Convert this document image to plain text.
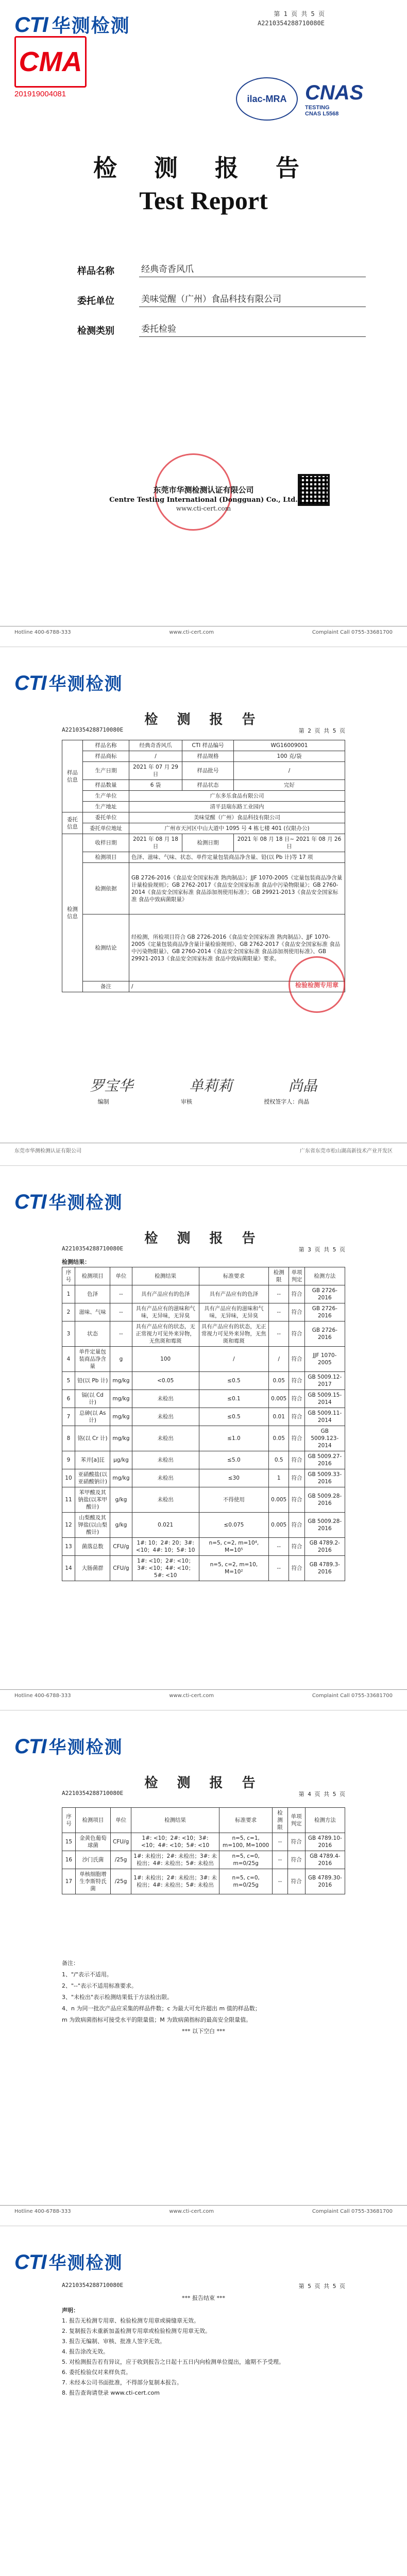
CTI 华测检测
第 1 页 共 5 页
A2210354288710080E
CMA
201919004081	ilac-MRA CNAS
TESTING
CNAS L5568
检 测 报 告
Test Report
样品名称	经典奇香风爪
委托单位	美味觉醒（广州）食品科技有限公司
检测类别	委托检验
东莞市华测检测认证有限公司
Centre Testing International (Dongguan) Co., Ltd.
www.cti-cert.com
Hotline 400-6788-333	www.cti-cert.com	Complaint Call 0755-33681700
CTI 华测检测
检 测 报 告
A2210354288710080E	第 2 页 共 5 页
样品信息	样品名称	经典奇香风爪	CTI 样品编号	WG16009001
	样品商标	/	样品规格	100 克/袋
	生产日期	2021 年 07 月 29 日	样品批号	/
	样品数量	6 袋	样品状态	完好
	生产单位	广东多乐食品有限公司		
	生产地址	清平县瑞东路工业园内		
委托信息	委托单位	美味觉醒（广州）食品科技有限公司		
	委托单位地址	广州市天河区中山大道中 1095 号 4 栋七楼 401 (仅限办公)		
检测信息	收样日期	2021 年 08 月 18 日	检测日期	2021 年 08 月 18 日~ 2021 年 08 月 26 日
	检测项目	色泽、滋味、气味、状态、单件定量包装商品净含量、铅(以 Pb 计)等 17 项		
	检测依据	GB 2726-2016《食品安全国家标准 熟肉制品》；JJF 1070-2005《定量包装商品净含量计量检验规则》；GB 2762-2017《食品安全国家标准 食品中污染物限量》；GB 2760-2014《食品安全国家标准 食品添加剂使用标准》；GB 29921-2013《食品安全国家标准 食品中致病菌限量》		
	检测结论	经检测，所检项目符合 GB 2726-2016《食品安全国家标准 熟肉制品》、JJF 1070-2005《定量包装商品净含量计量检验规则》、GB 2762-2017《食品安全国家标准 食品中污染物限量》、GB 2760-2014《食品安全国家标准 食品添加剂使用标准》、GB 29921-2013《食品安全国家标准 食品中致病菌限量》要求。		
	备注	/			检验检测专用章
罗宝华	单莉莉	尚晶
编制	审核	授权签字人：尚晶
东莞市华测检测认证有限公司	广东省东莞市松山湖高新技术产业开发区
CTI 华测检测
检 测 报 告
A2210354288710080E	第 3 页 共 5 页
检测结果：
序号	检测项目	单位	检测结果	标准要求	检测限	单项判定	检测方法
1	色泽	--	具有产品应有的色泽	具有产品应有的色泽	--	符合	GB 2726-2016
2	滋味、气味	--	具有产品应有的滋味和气味，无异味，无异臭	具有产品应有的滋味和气味，无异味，无异臭	--	符合	GB 2726-2016
3	状态	--	具有产品应有的状态，无正常视力可见外来异物，无焦斑和霉斑	具有产品应有的状态，无正常视力可见外来异物，无焦斑和霉斑	--	符合	GB 2726-2016
4	单件定量包装商品净含量	g	100	/	/	符合	JJF 1070-2005
5	铅(以 Pb 计)	mg/kg	<0.05	≤0.5	0.05	符合	GB 5009.12-2017
6	镉(以 Cd 计)	mg/kg	未检出	≤0.1	0.005	符合	GB 5009.15-2014
7	总砷(以 As 计)	mg/kg	未检出	≤0.5	0.01	符合	GB 5009.11-2014
8	铬(以 Cr 计)	mg/kg	未检出	≤1.0	0.05	符合	GB 5009.123-2014
9	苯并[a]芘	μg/kg	未检出	≤5.0	0.5	符合	GB 5009.27-2016
10	亚硝酸盐(以亚硝酸钠计)	mg/kg	未检出	≤30	1	符合	GB 5009.33-2016
11	苯甲酸及其钠盐(以苯甲酸计)	g/kg	未检出	不得使用	0.005	符合	GB 5009.28-2016
12	山梨酸及其钾盐(以山梨酸计)	g/kg	0.021	≤0.075	0.005	符合	GB 5009.28-2016
13	菌落总数	CFU/g	1#: 10；2#: 20；3#: <10；4#: 10；5#: 10	n=5, c=2, m=10⁴, M=10⁵	--	符合	GB 4789.2-2016
14	大肠菌群	CFU/g	1#: <10；2#: <10；3#: <10；4#: <10；5#: <10	n=5, c=2, m=10, M=10²	--	符合	GB 4789.3-2016
Hotline 400-6788-333	www.cti-cert.com	Complaint Call 0755-33681700
CTI 华测检测
检 测 报 告
A2210354288710080E	第 4 页 共 5 页
序号	检测项目	单位	检测结果	标准要求	检测限	单项判定	检测方法
15	金黄色葡萄球菌	CFU/g	1#: <10；2#: <10；3#: <10；4#: <10；5#: <10	n=5, c=1, m=100, M=1000	--	符合	GB 4789.10-2016
16	沙门氏菌	/25g	1#: 未检出；2#: 未检出；3#: 未检出；4#: 未检出；5#: 未检出	n=5, c=0, m=0/25g	--	符合	GB 4789.4-2016
17	单核细胞增生李斯特氏菌	/25g	1#: 未检出；2#: 未检出；3#: 未检出；4#: 未检出；5#: 未检出	n=5, c=0, m=0/25g	--	符合	GB 4789.30-2016

备注：

1、"/"表示不适用。

2、"--"表示不适用标准要求。

3、"未检出"表示检测结果低于方法检出限。

4、n 为同一批次产品应采集的样品件数；c 为最大可允许超出 m 值的样品数；

m 为致病菌指标可接受水平的限量值；M 为致病菌指标的最高安全限量值。

*** 以下空白 ***

Hotline 400-6788-333	www.cti-cert.com	Complaint Call 0755-33681700
CTI 华测检测
A2210354288710080E	第 5 页 共 5 页
*** 报告结束 ***
声明：
1. 报告无检测专用章、检验检测专用章或骑缝章无效。
2. 复制报告未重新加盖检测专用章或检验检测专用章无效。
3. 报告无编制、审核、批准人签字无效。
4. 报告涂改无效。
5. 对检测报告若有异议，应于收到报告之日起十五日内向检测单位提出，逾期不予受理。
6. 委托检验仅对来样负责。
7. 未经本公司书面批准，不得部分复制本报告。
8. 报告查询请登录 www.cti-cert.com
